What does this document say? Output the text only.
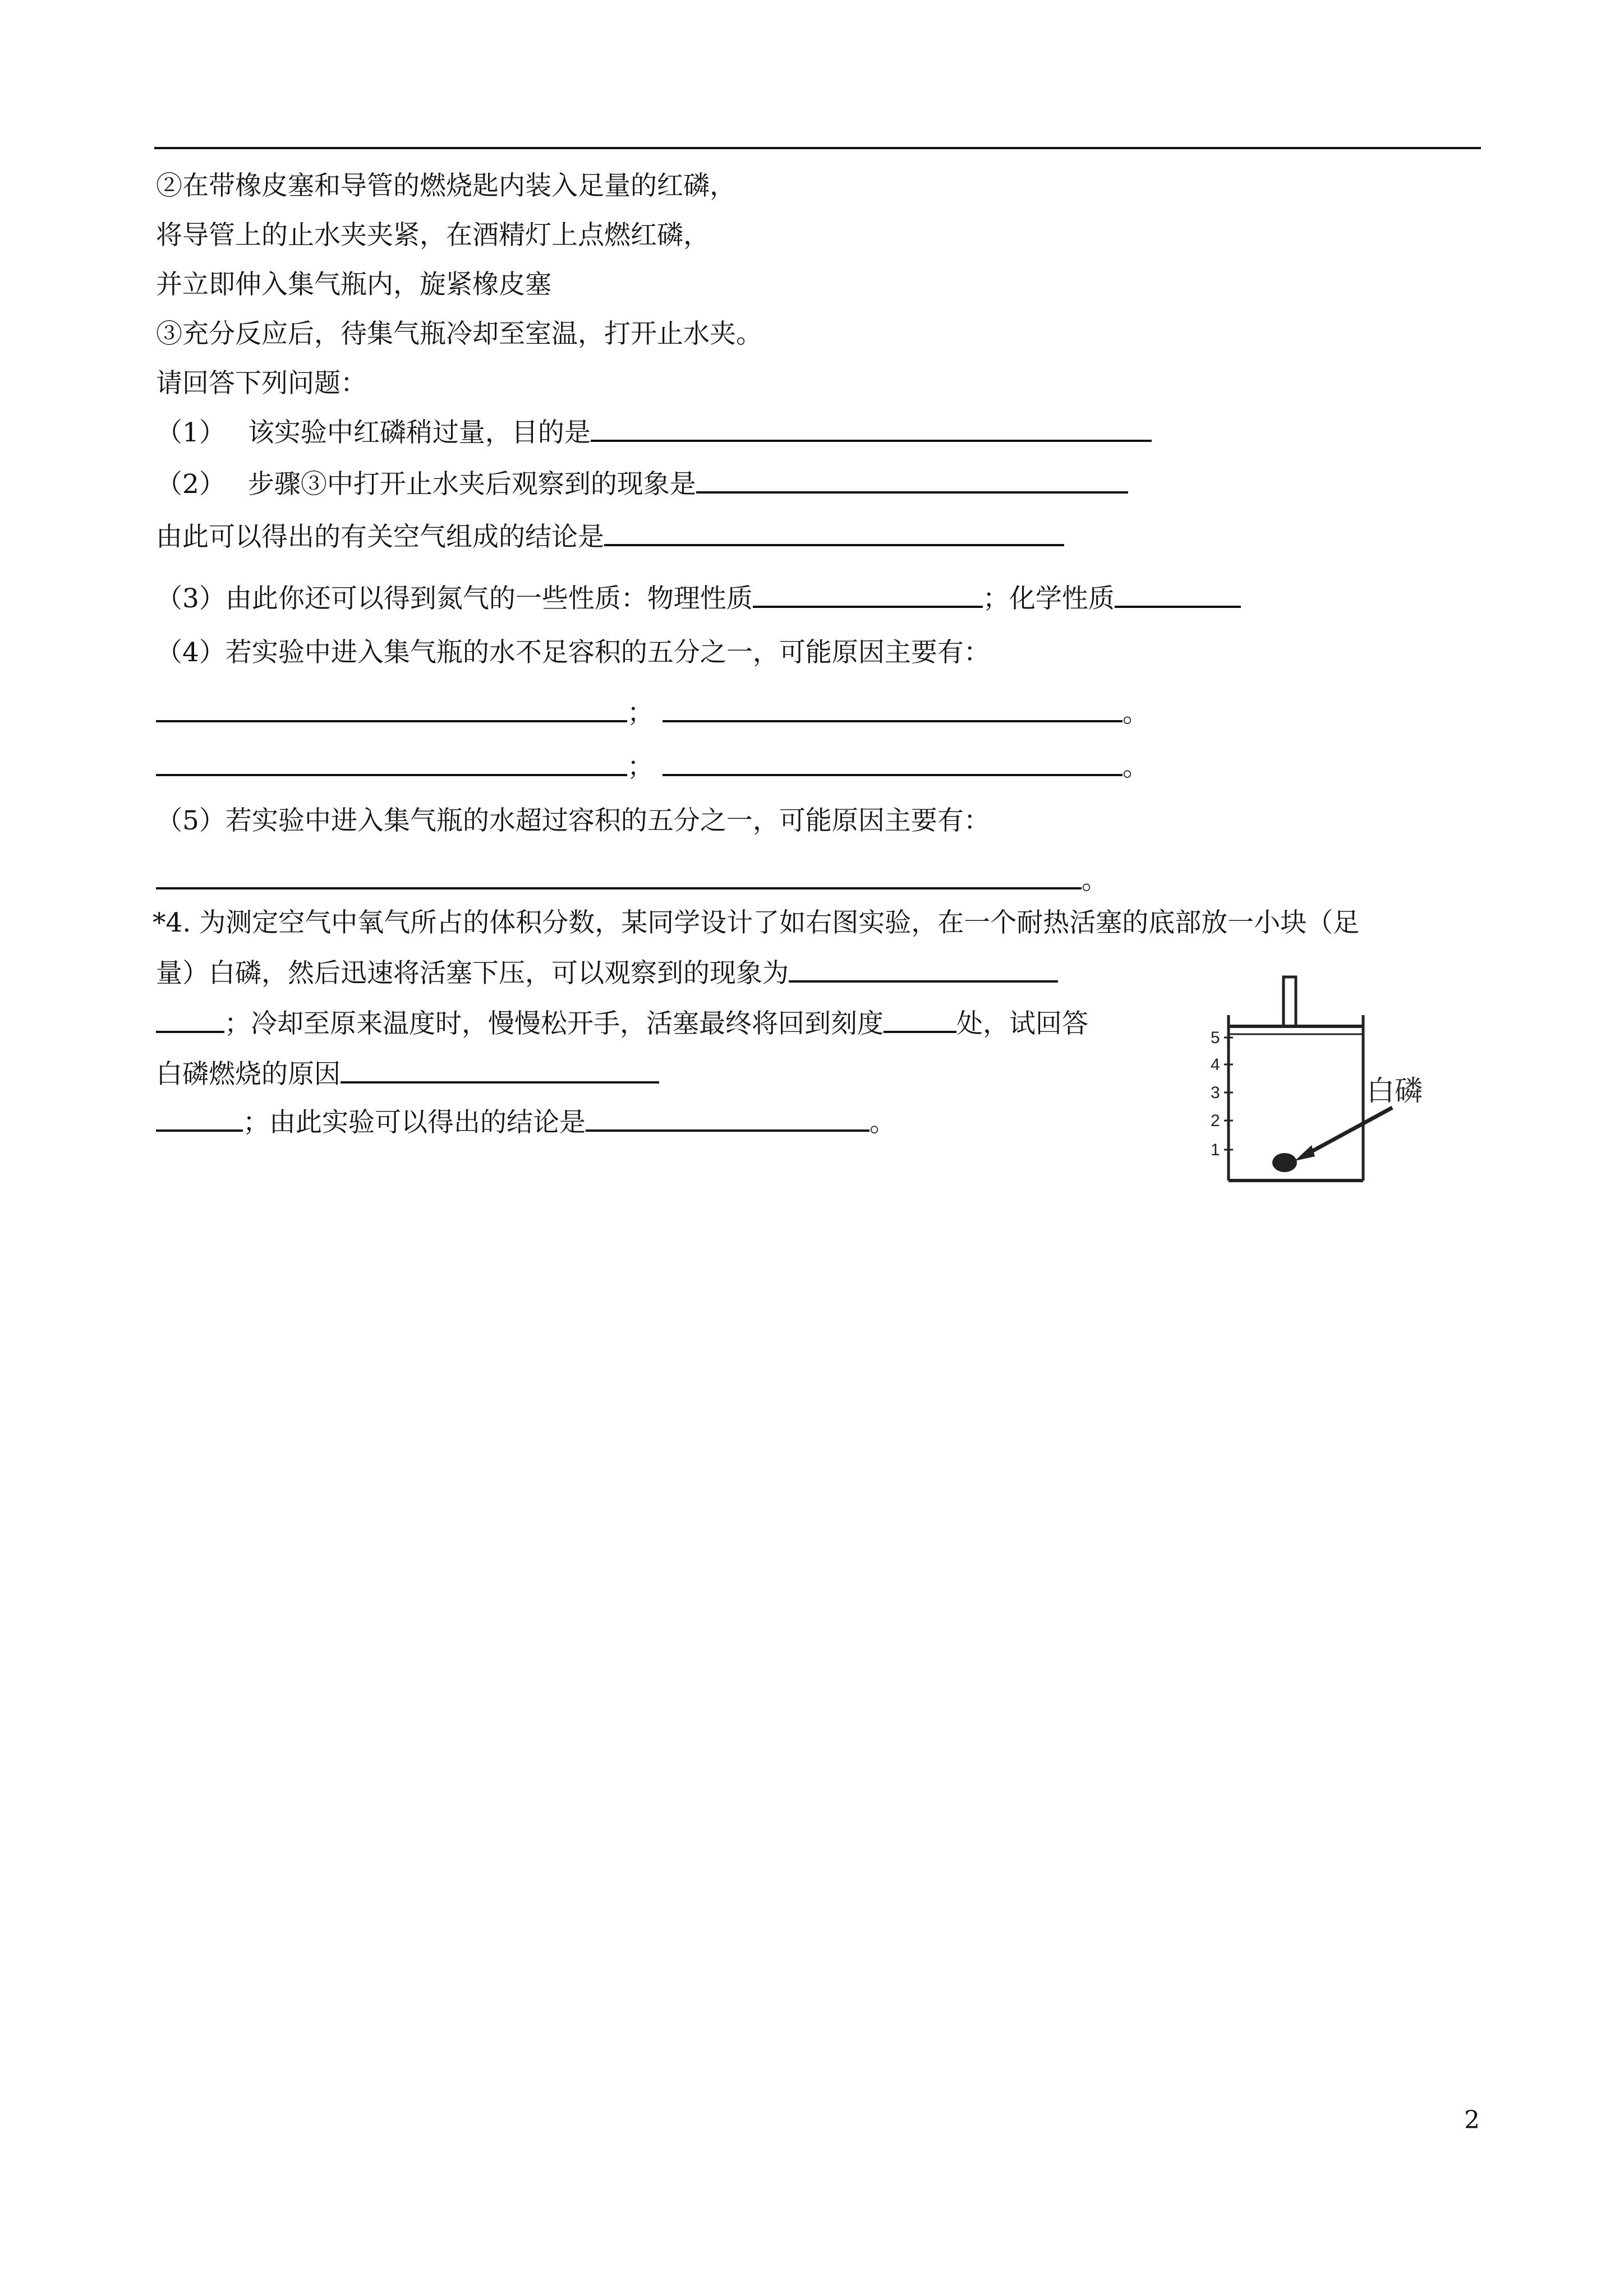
②在带橡皮塞和导管的燃烧匙内装入足量的红磷，
将导管上的止水夹夹紧，在酒精灯上点燃红磷，
并立即伸入集气瓶内，旋紧橡皮塞
③充分反应后，待集气瓶冷却至室温，打开止水夹。
请回答下列问题：
（1） 该实验中红磷稍过量，目的是
（2） 步骤③中打开止水夹后观察到的现象是
由此可以得出的有关空气组成的结论是
（3）由此你还可以得到氮气的一些性质：物理性质	；化学性质
（4）若实验中进入集气瓶的水不足容积的五分之一，可能原因主要有：
；	。
；	。
（5）若实验中进入集气瓶的水超过容积的五分之一，可能原因主要有：
。
*4. 为测定空气中氧气所占的体积分数，某同学设计了如右图实验，在一个耐热活塞的底部放一小块（足
量）白磷，然后迅速将活塞下压，可以观察到的现象为
；冷却至原来温度时，慢慢松开手，活塞最终将回到刻度	处，试回答
白磷燃烧的原因
；由此实验可以得出的结论是	。
5
4
3
2
1
白磷
2
